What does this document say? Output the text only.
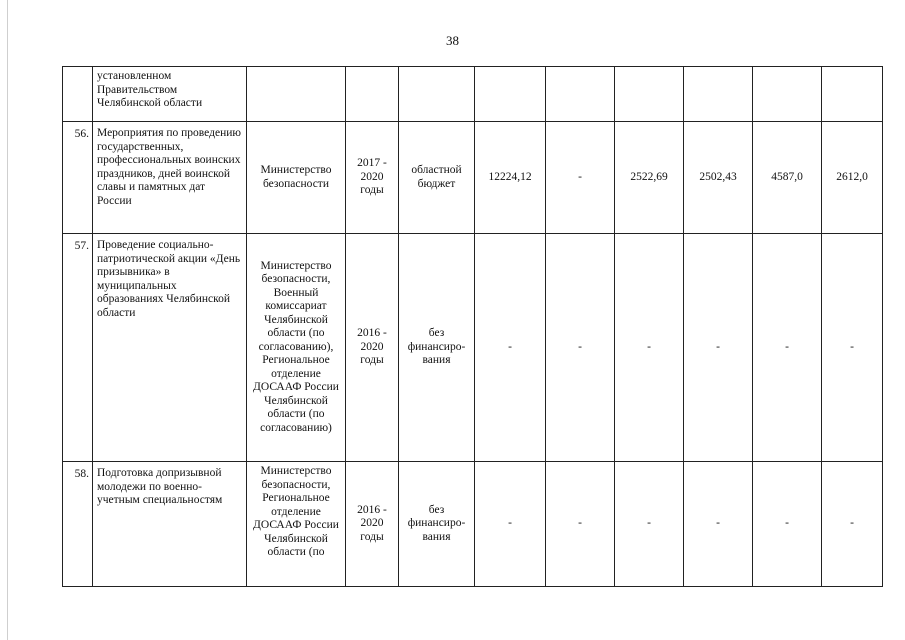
38
	установленном Правительством Челябинской области									
56.	Мероприятия по проведению государственных, профессиональных воинских праздников, дней воинской славы и памятных дат России	Министерство безопасности	2017 - 2020 годы	областной бюджет	12224,12	-	2522,69	2502,43	4587,0	2612,0
57.	Проведение социально-патриотической акции «День призывника» в муниципальных образованиях Челябинской области	Министерство безопасности, Военный комиссариат Челябинской области (по согласованию), Региональное отделение ДОСААФ России Челябинской области (по согласованию)	2016 - 2020 годы	без финансиро-вания	-	-	-	-	-	-
58.	Подготовка допризывной молодежи по военно-учетным специальностям	Министерство безопасности, Региональное отделение ДОСААФ России Челябинской области (по	2016 - 2020 годы	без финансиро-вания	-	-	-	-	-	-
